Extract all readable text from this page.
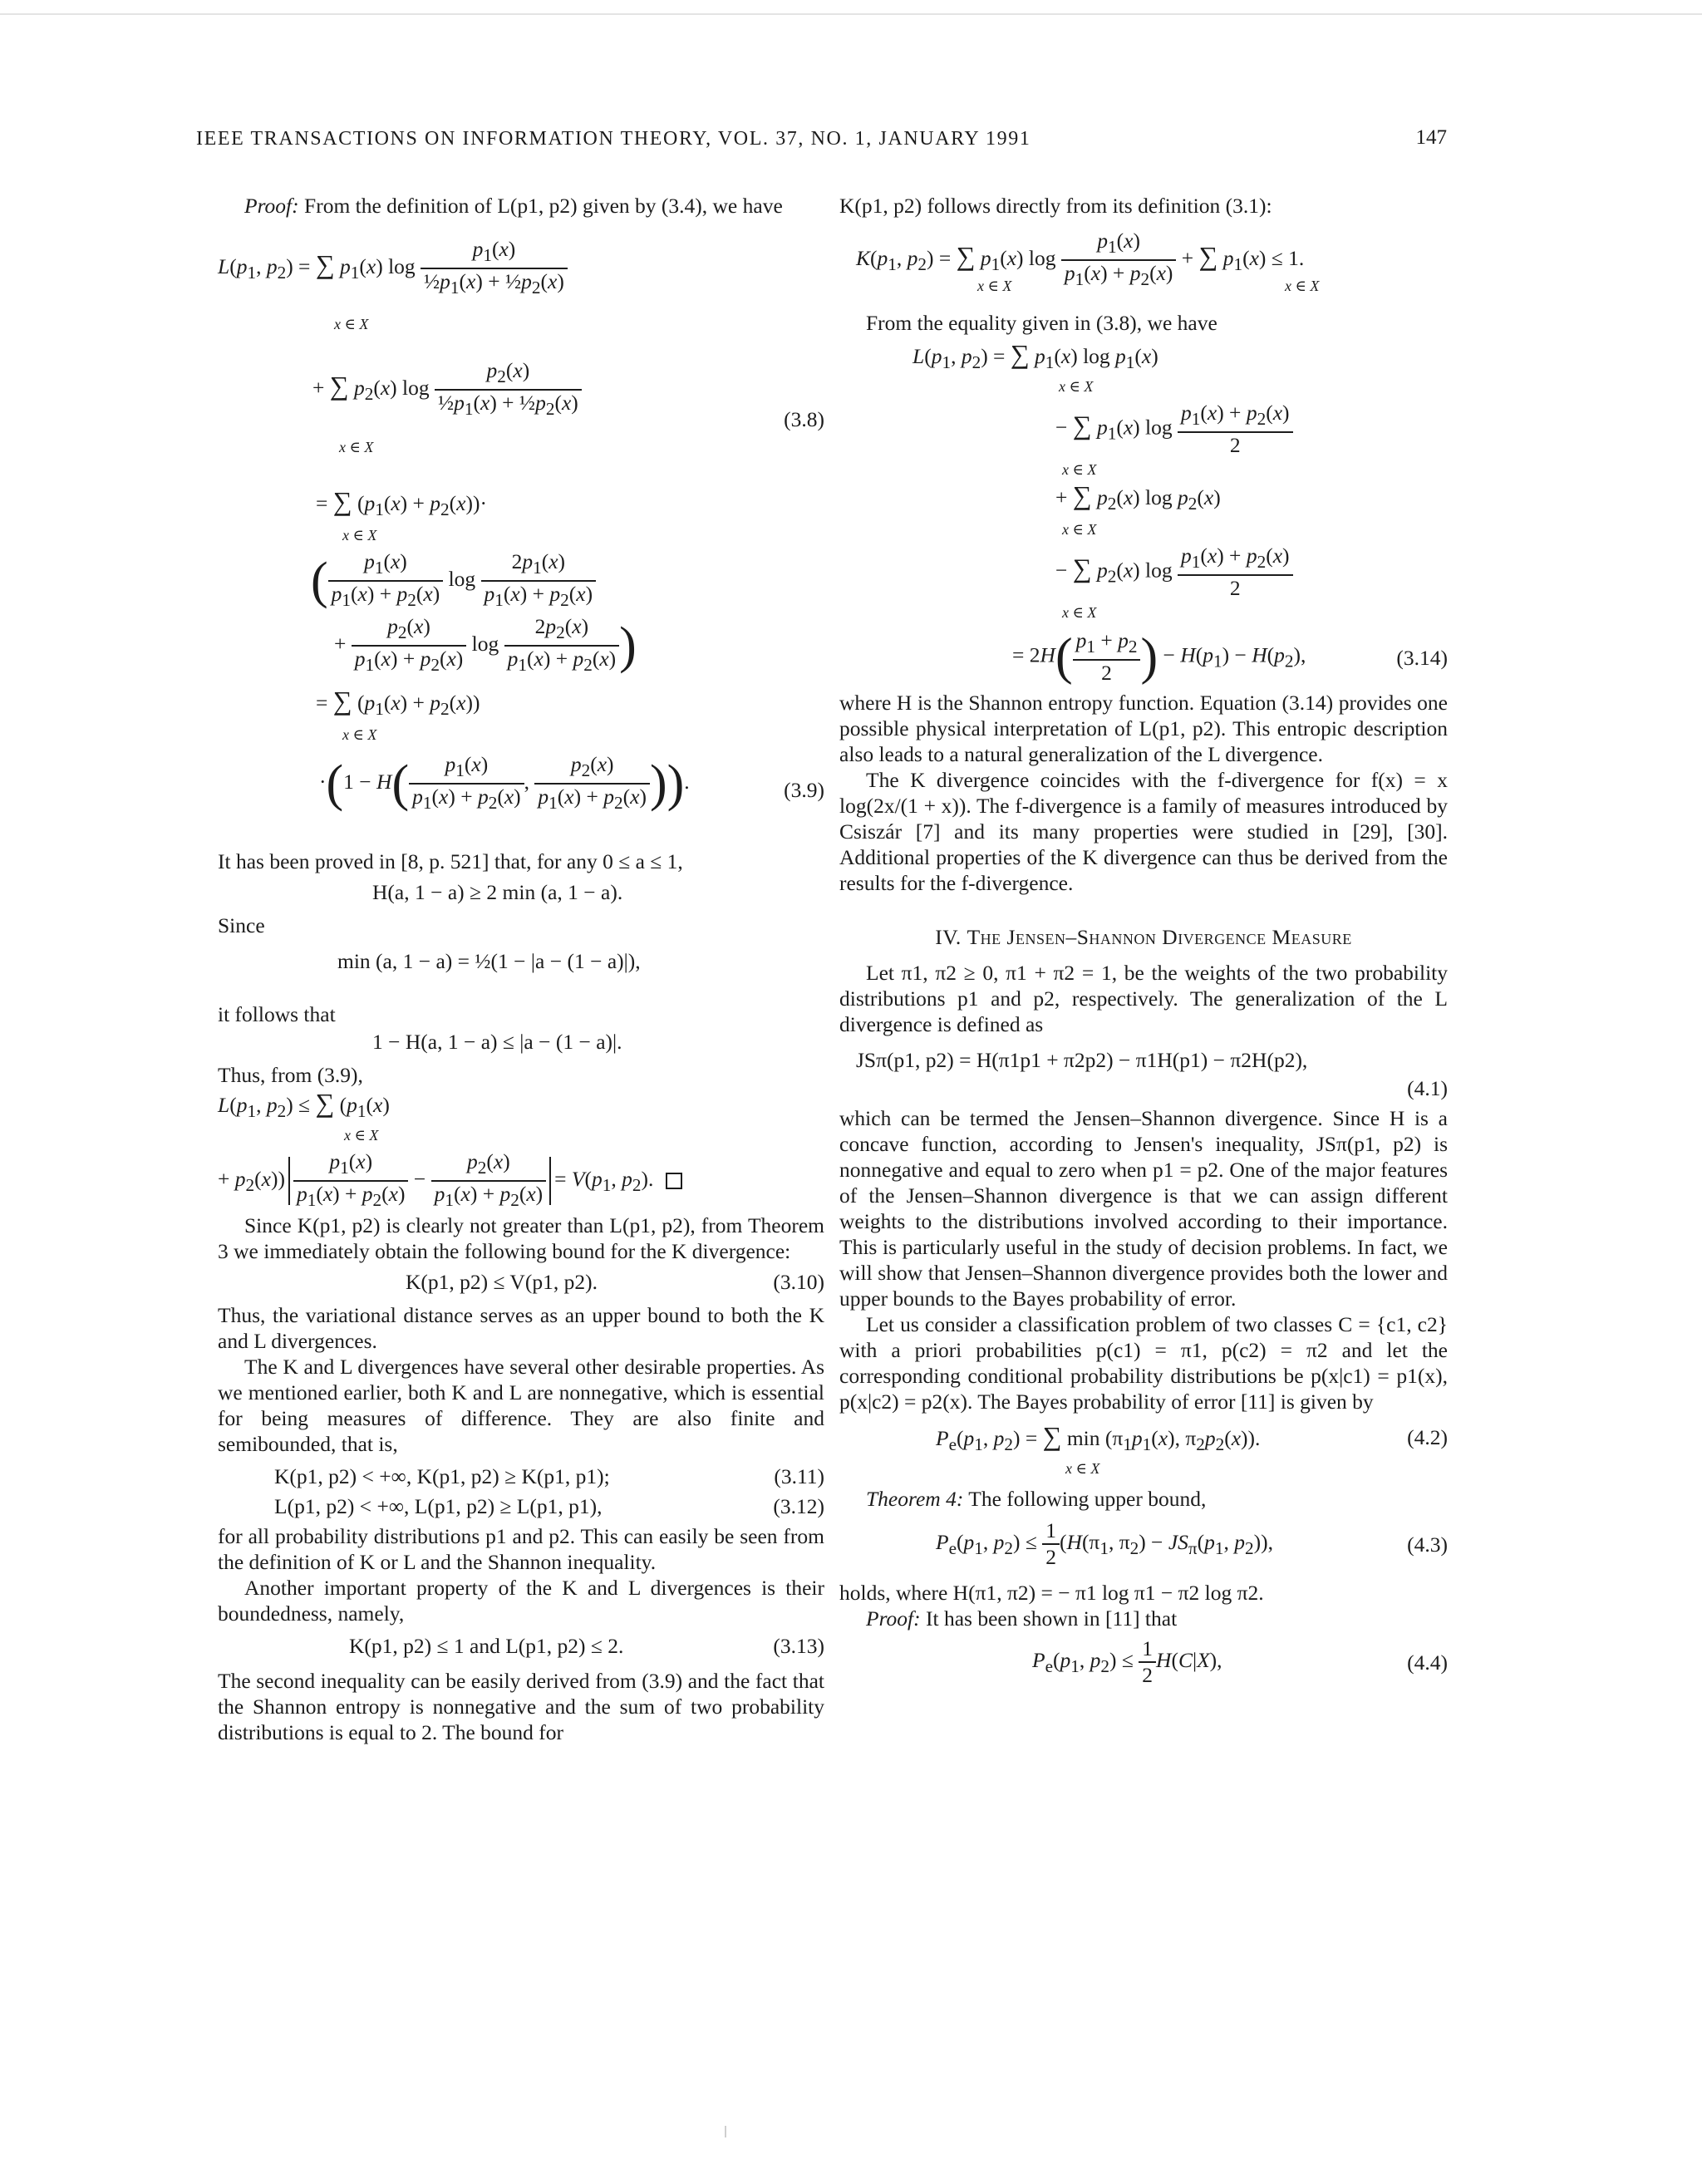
IEEE TRANSACTIONS ON INFORMATION THEORY, VOL. 37, NO. 1, JANUARY 1991	147

Proof: From the definition of L(p1, p2) given by (3.4), we have

$L(p_1$, $p_2$) = ∑ $p_1(x)$ $\log \frac{p_1(x)}{\frac{1}{2}p_1(x) + \frac{1}{2}p_2(x)}$
x ∈ X
+ ∑ $p_2(x)$ $\log \frac{p_2(x)}{\frac{1}{2}p_1(x) + \frac{1}{2}p_2(x)}$
x ∈ X
(3.8)
= ∑ $(p_1(x) + p_2(x))\cdot$
x ∈ X
( $\frac{p_1(x)}{p_1(x) + p_2(x)}$ $\log \frac{2p_1(x)}{p_1(x) + p_2(x)}$
+ $\frac{p_2(x)}{p_1(x) + p_2(x)}$ $\log \frac{2p_2(x)}{p_1(x) + p_2(x)}$ )
= ∑ $(p_1(x) + p_2(x))$
x ∈ X
$\cdot(1 - H( \frac{p_1(x)}{p_1(x) + p_2(x)}$ , $\frac{p_2(x)}{p_1(x) + p_2(x)}$ )).	(3.9)

It has been proved in [8, p. 521] that, for any 0 ≤ a ≤ 1,

H(a, 1 − a) ≥ 2 min (a, 1 − a).

Since

min (a, 1 − a) = ½(1 − |a − (1 − a)|),

it follows that

1 − H(a, 1 − a) ≤ |a − (1 − a)|.

Thus, from (3.9),

$L(p_1$, $p_2$) ≤ ∑ ($p_1(x)$
x ∈ X
+ $p_2(x)) \frac{p_1(x)}{p_1(x) + p_2(x)} - \frac{p_2(x)}{p_1(x) + p_2(x)} = V(p_1$, $p_2$).

Since K(p1, p2) is clearly not greater than L(p1, p2), from Theorem 3 we immediately obtain the following bound for the K divergence:

K(p1, p2) ≤ V(p1, p2).	(3.10)

Thus, the variational distance serves as an upper bound to both the K and L divergences.

The K and L divergences have several other desirable properties. As we mentioned earlier, both K and L are nonnegative, which is essential for being measures of difference. They are also finite and semibounded, that is,

K(p1, p2) < +∞, K(p1, p2) ≥ K(p1, p1);	(3.11)
L(p1, p2) < +∞, L(p1, p2) ≥ L(p1, p1),	(3.12)

for all probability distributions p1 and p2. This can easily be seen from the definition of K or L and the Shannon inequality.

Another important property of the K and L divergences is their boundedness, namely,

K(p1, p2) ≤ 1 and L(p1, p2) ≤ 2.	(3.13)

The second inequality can be easily derived from (3.9) and the fact that the Shannon entropy is nonnegative and the sum of two probability distributions is equal to 2. The bound for

K(p1, p2) follows directly from its definition (3.1):

$K(p_1$, $p_2$) = ∑ $p_1(x)$ $\log \frac{p_1(x)}{p_1(x) + p_2(x)}$ + ∑ $p_1(x) \le 1$.
x ∈ X	x ∈ X

From the equality given in (3.8), we have

$L(p_1$, $p_2$) = ∑ $p_1(x)$ $\log p_1(x)$
x ∈ X
− ∑ $p_1(x)$ $\log \frac{p_1(x) + p_2(x)}{2}$
x ∈ X
+ ∑ $p_2(x)$ $\log p_2(x)$
x ∈ X
− ∑ $p_2(x)$ $\log \frac{p_1(x) + p_2(x)}{2}$
x ∈ X
= $2H( \frac{p_1 + p_2}{2}$ ) − $H(p_1) - H(p_2)$,	(3.14)

where H is the Shannon entropy function. Equation (3.14) provides one possible physical interpretation of L(p1, p2). This entropic description also leads to a natural generalization of the L divergence.

The K divergence coincides with the f-divergence for f(x) = x log(2x/(1 + x)). The f-divergence is a family of measures introduced by Csiszár [7] and its many properties were studied in [29], [30]. Additional properties of the K divergence can thus be derived from the results for the f-divergence.

IV. The Jensen–Shannon Divergence Measure

Let π1, π2 ≥ 0, π1 + π2 = 1, be the weights of the two probability distributions p1 and p2, respectively. The generalization of the L divergence is defined as

JSπ(p1, p2) = H(π1p1 + π2p2) − π1H(p1) − π2H(p2),
(4.1)

which can be termed the Jensen–Shannon divergence. Since H is a concave function, according to Jensen's inequality, JSπ(p1, p2) is nonnegative and equal to zero when p1 = p2. One of the major features of the Jensen–Shannon divergence is that we can assign different weights to the distributions involved according to their importance. This is particularly useful in the study of decision problems. In fact, we will show that Jensen–Shannon divergence provides both the lower and upper bounds to the Bayes probability of error.

Let us consider a classification problem of two classes C = {c1, c2} with a priori probabilities p(c1) = π1, p(c2) = π2 and let the corresponding conditional probability distributions be p(x|c1) = p1(x), p(x|c2) = p2(x). The Bayes probability of error [11] is given by

$P_e(p_1$, $p_2$) = ∑ $\min (\pi_1p_1(x)$, $\pi_2p_2(x)$).
x ∈ X
(4.2)

Theorem 4: The following upper bound,

$P_e(p_1$, $p_2) \le \frac{1}{2} (H(\pi_1$, $\pi_2) - JS_\pi(p_1$, $p_2$)),	(4.3)

holds, where H(π1, π2) = − π1 log π1 − π2 log π2.

Proof: It has been shown in [11] that

$P_e(p_1$, $p_2) \le \frac{1}{2} H(C|X)$,	(4.4)
